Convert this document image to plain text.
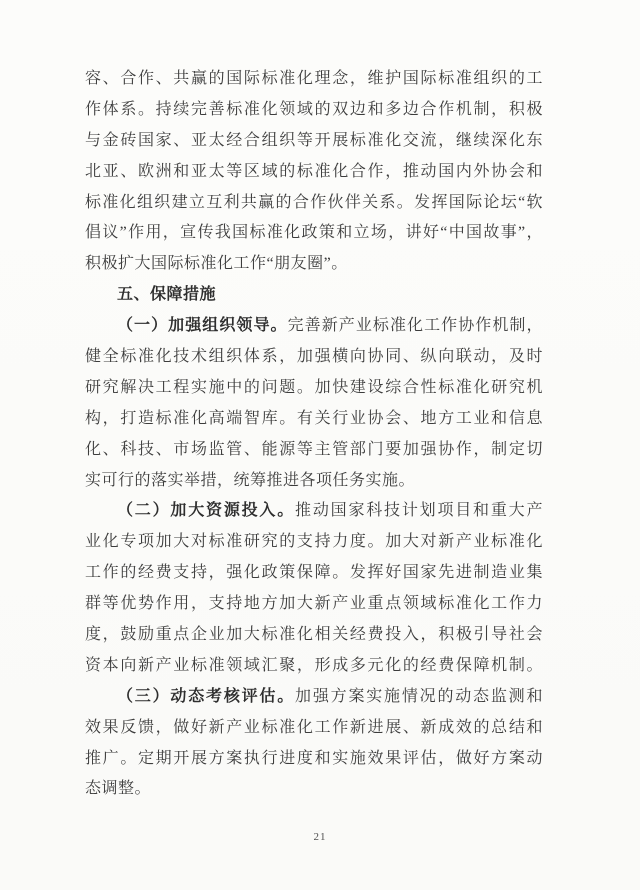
容、合作、共赢的国际标准化理念，维护国际标准组织的工
作体系。持续完善标准化领域的双边和多边合作机制，积极
与金砖国家、亚太经合组织等开展标准化交流，继续深化东
北亚、欧洲和亚太等区域的标准化合作，推动国内外协会和
标准化组织建立互利共赢的合作伙伴关系。发挥国际论坛“软
倡议”作用，宣传我国标准化政策和立场，讲好“中国故事”，
积极扩大国际标准化工作“朋友圈”。
五、保障措施
（一）加强组织领导。完善新产业标准化工作协作机制，
健全标准化技术组织体系，加强横向协同、纵向联动，及时
研究解决工程实施中的问题。加快建设综合性标准化研究机
构，打造标准化高端智库。有关行业协会、地方工业和信息
化、科技、市场监管、能源等主管部门要加强协作，制定切
实可行的落实举措，统筹推进各项任务实施。
（二）加大资源投入。推动国家科技计划项目和重大产
业化专项加大对标准研究的支持力度。加大对新产业标准化
工作的经费支持，强化政策保障。发挥好国家先进制造业集
群等优势作用，支持地方加大新产业重点领域标准化工作力
度，鼓励重点企业加大标准化相关经费投入，积极引导社会
资本向新产业标准领域汇聚，形成多元化的经费保障机制。
（三）动态考核评估。加强方案实施情况的动态监测和
效果反馈，做好新产业标准化工作新进展、新成效的总结和
推广。定期开展方案执行进度和实施效果评估，做好方案动
态调整。
21
